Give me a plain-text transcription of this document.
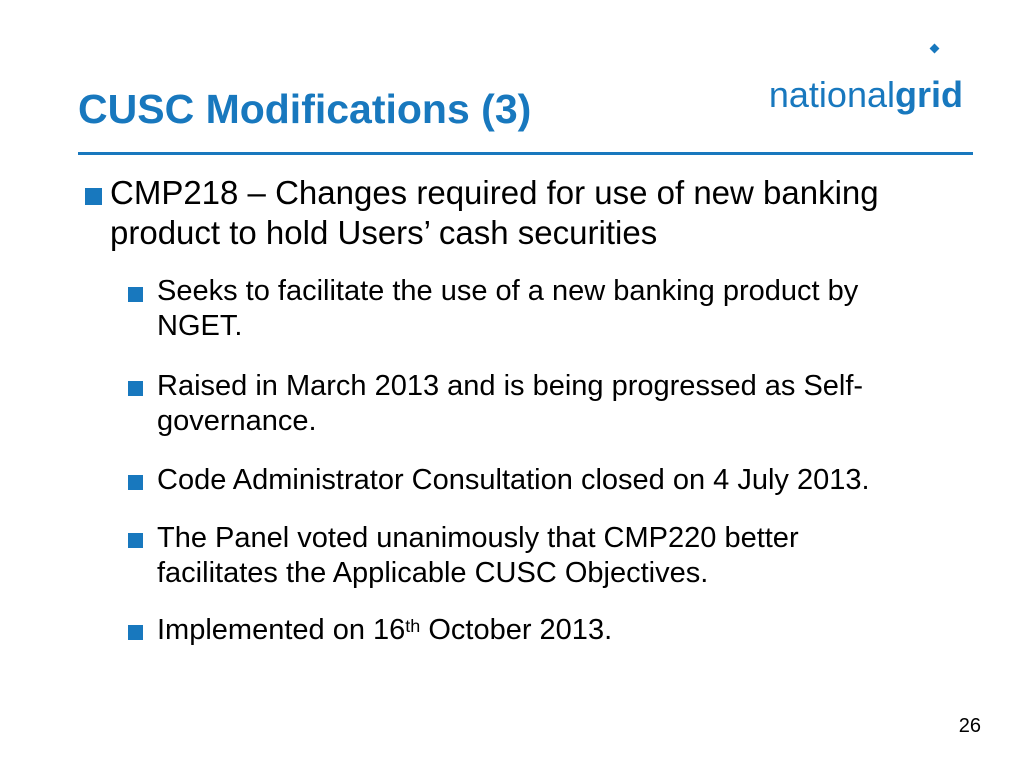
nationalgrid

CUSC Modifications (3)
CMP218 – Changes required for use of new banking
product to hold Users’ cash securities
Seeks to facilitate the use of a new banking product by
NGET.
Raised in March 2013 and is being progressed as Self-
governance.
Code Administrator Consultation closed on 4 July 2013.
The Panel voted unanimously that CMP220 better
facilitates the Applicable CUSC Objectives.
Implemented on 16th October 2013.
26
